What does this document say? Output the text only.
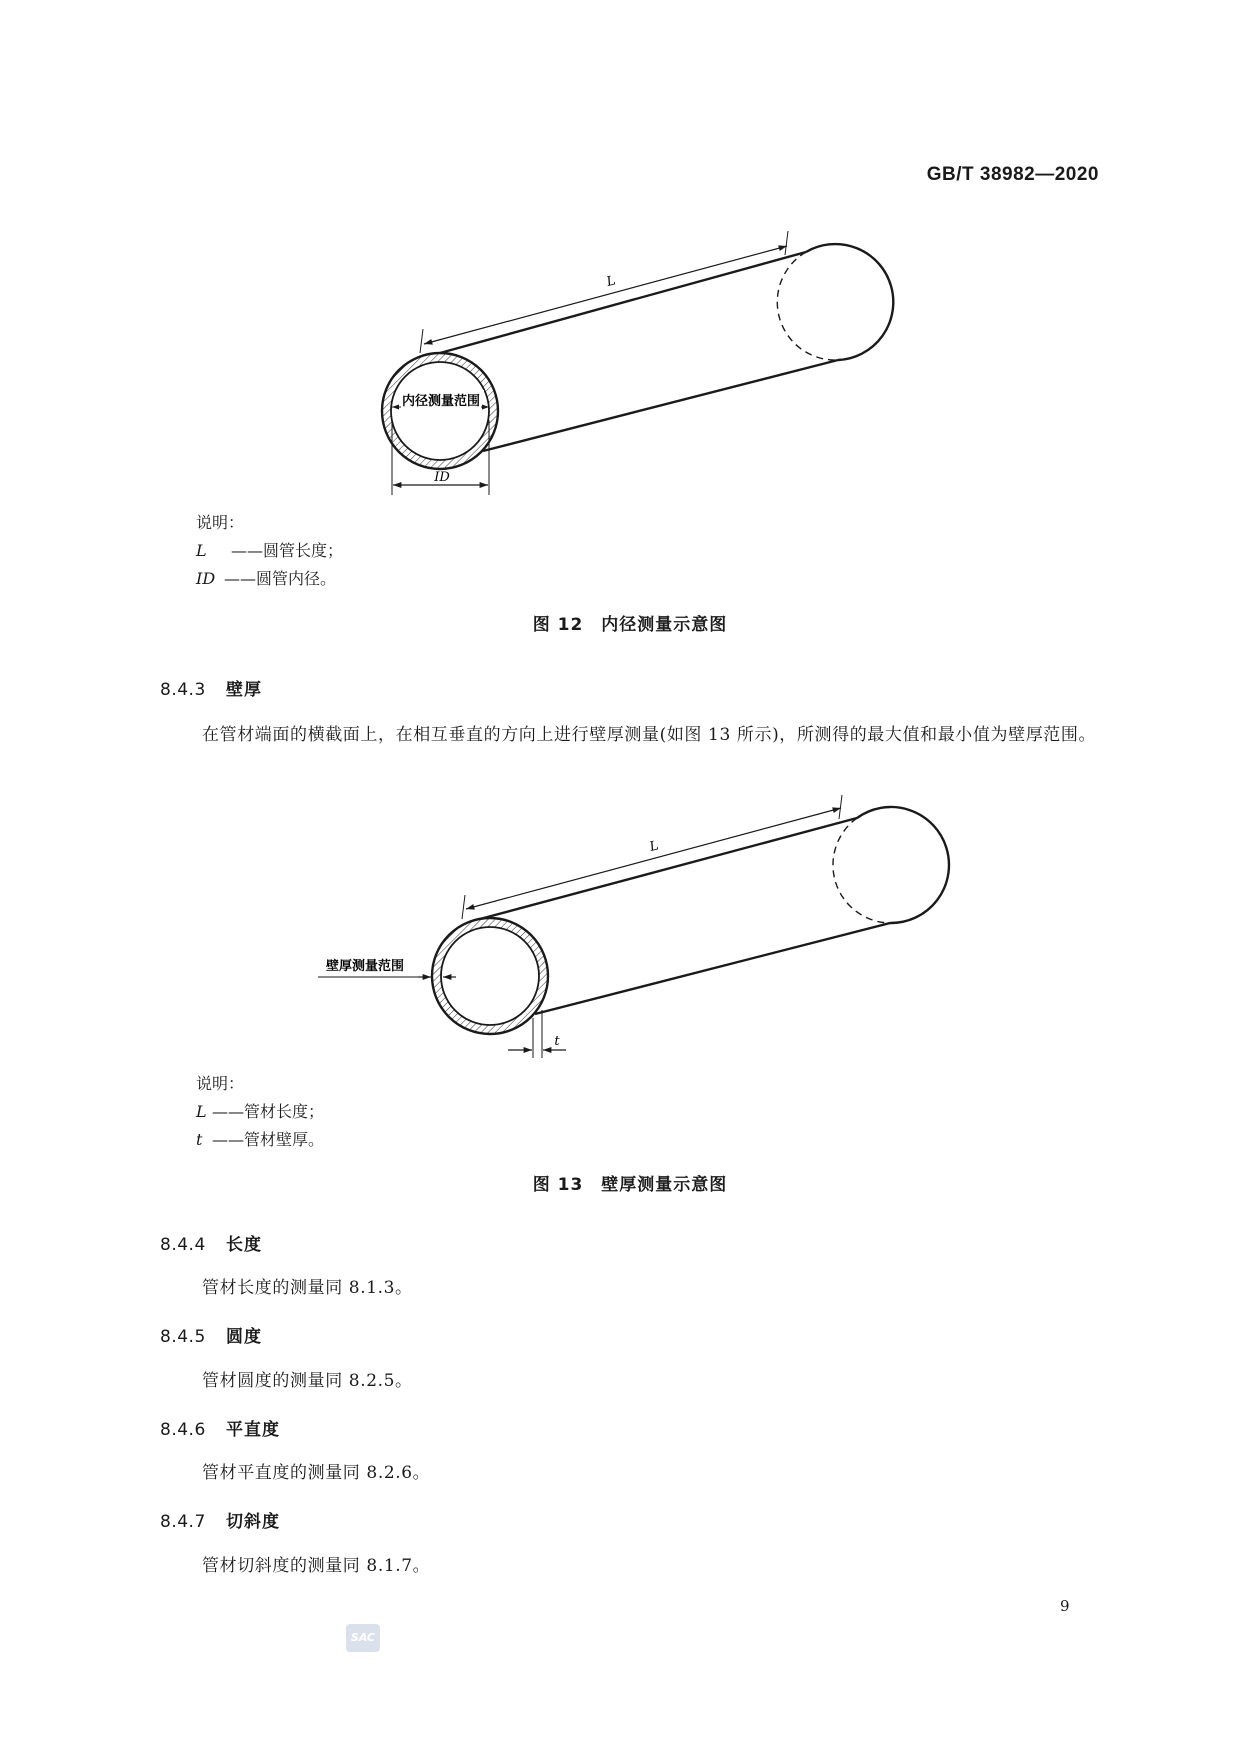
GB/T 38982—2020
L
内径测量范围
ID
说明：
L ——圆管长度；
ID ——圆管内径。
图 12　内径测量示意图
8.4.3 壁厚
在管材端面的横截面上，在相互垂直的方向上进行壁厚测量(如图 13 所示)，所测得的最大值和最小值为壁厚范围。
L
壁厚测量范围
t
说明：
L ——管材长度；
t ——管材壁厚。
图 13　壁厚测量示意图
8.4.4 长度
管材长度的测量同 8.1.3。
8.4.5 圆度
管材圆度的测量同 8.2.5。
8.4.6 平直度
管材平直度的测量同 8.2.6。
8.4.7 切斜度
管材切斜度的测量同 8.1.7。
9
SAC
